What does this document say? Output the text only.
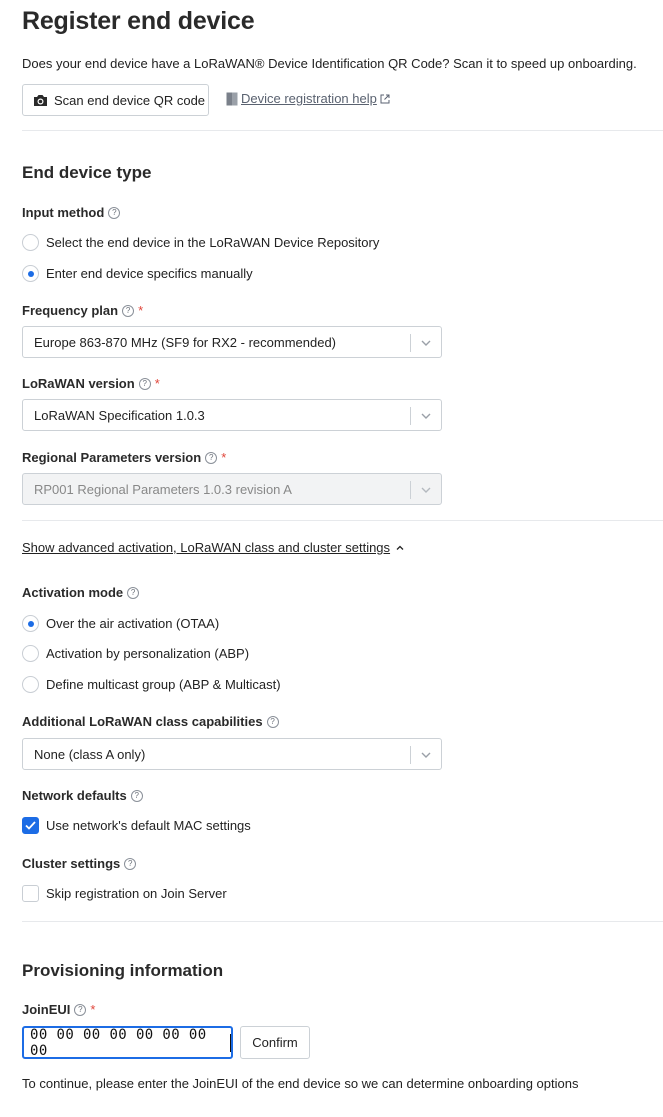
Register end device
Does your end device have a LoRaWAN® Device Identification QR Code? Scan it to speed up onboarding.
Scan end device QR code	Device registration help
End device type
Input method ?
Select the end device in the LoRaWAN Device Repository
Enter end device specifics manually
Frequency plan ? *
Europe 863-870 MHz (SF9 for RX2 - recommended)
LoRaWAN version ? *
LoRaWAN Specification 1.0.3
Regional Parameters version ? *
RP001 Regional Parameters 1.0.3 revision A
Show advanced activation, LoRaWAN class and cluster settings
Activation mode ?
Over the air activation (OTAA)
Activation by personalization (ABP)
Define multicast group (ABP & Multicast)
Additional LoRaWAN class capabilities ?
None (class A only)
Network defaults ?
Use network's default MAC settings
Cluster settings ?
Skip registration on Join Server
Provisioning information
JoinEUI ? *
00 00 00 00 00 00 00 00	Confirm
To continue, please enter the JoinEUI of the end device so we can determine onboarding options
